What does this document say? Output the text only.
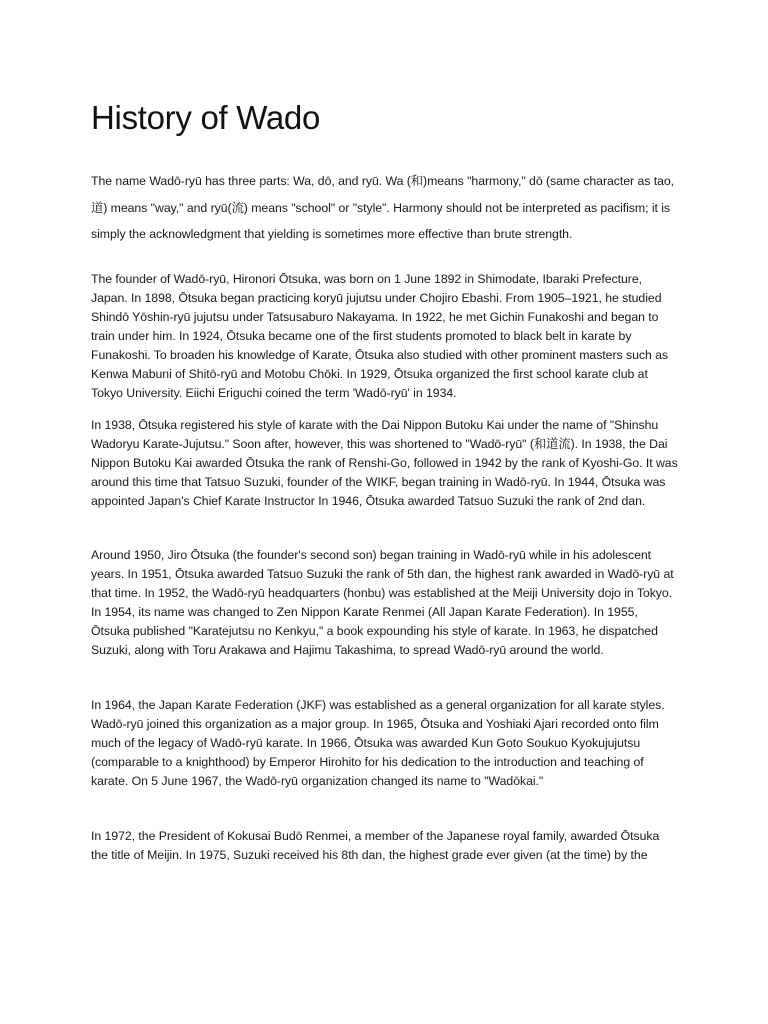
History of Wado

The name Wadō-ryū has three parts: Wa, dō, and ryū. Wa (和)means "harmony," dō (same character as tao, 道) means "way," and ryū(流) means "school" or "style". Harmony should not be interpreted as pacifism; it is simply the acknowledgment that yielding is sometimes more effective than brute strength.

The founder of Wadō-ryū, Hironori Ōtsuka, was born on 1 June 1892 in Shimodate, Ibaraki Prefecture, Japan. In 1898, Ōtsuka began practicing koryū jujutsu under Chojiro Ebashi. From 1905–1921, he studied Shindō Yōshin-ryū jujutsu under Tatsusaburo Nakayama. In 1922, he met Gichin Funakoshi and began to train under him. In 1924, Ōtsuka became one of the first students promoted to black belt in karate by Funakoshi. To broaden his knowledge of Karate, Ōtsuka also studied with other prominent masters such as Kenwa Mabuni of Shitō-ryū and Motobu Chōki. In 1929, Ōtsuka organized the first school karate club at Tokyo University. Eiichi Eriguchi coined the term 'Wadō-ryū' in 1934.

In 1938, Ōtsuka registered his style of karate with the Dai Nippon Butoku Kai under the name of "Shinshu Wadoryu Karate-Jujutsu." Soon after, however, this was shortened to "Wadō-ryū" (和道流). In 1938, the Dai Nippon Butoku Kai awarded Ōtsuka the rank of Renshi-Go, followed in 1942 by the rank of Kyoshi-Go. It was around this time that Tatsuo Suzuki, founder of the WIKF, began training in Wadō-ryū. In 1944, Ōtsuka was appointed Japan's Chief Karate Instructor In 1946, Ōtsuka awarded Tatsuo Suzuki the rank of 2nd dan.

Around 1950, Jiro Ōtsuka (the founder's second son) began training in Wadō-ryū while in his adolescent years. In 1951, Ōtsuka awarded Tatsuo Suzuki the rank of 5th dan, the highest rank awarded in Wadō-ryū at that time. In 1952, the Wadō-ryū headquarters (honbu) was established at the Meiji University dojo in Tokyo. In 1954, its name was changed to Zen Nippon Karate Renmei (All Japan Karate Federation). In 1955, Ōtsuka published "Karatejutsu no Kenkyu," a book expounding his style of karate. In 1963, he dispatched Suzuki, along with Toru Arakawa and Hajimu Takashima, to spread Wadō-ryū around the world.

In 1964, the Japan Karate Federation (JKF) was established as a general organization for all karate styles. Wadō-ryū joined this organization as a major group. In 1965, Ōtsuka and Yoshiaki Ajari recorded onto film much of the legacy of Wadō-ryū karate. In 1966, Ōtsuka was awarded Kun Goto Soukuo Kyokujujutsu (comparable to a knighthood) by Emperor Hirohito for his dedication to the introduction and teaching of karate. On 5 June 1967, the Wadō-ryū organization changed its name to "Wadōkai."

In 1972, the President of Kokusai Budō Renmei, a member of the Japanese royal family, awarded Ōtsuka the title of Meijin. In 1975, Suzuki received his 8th dan, the highest grade ever given (at the time) by the
